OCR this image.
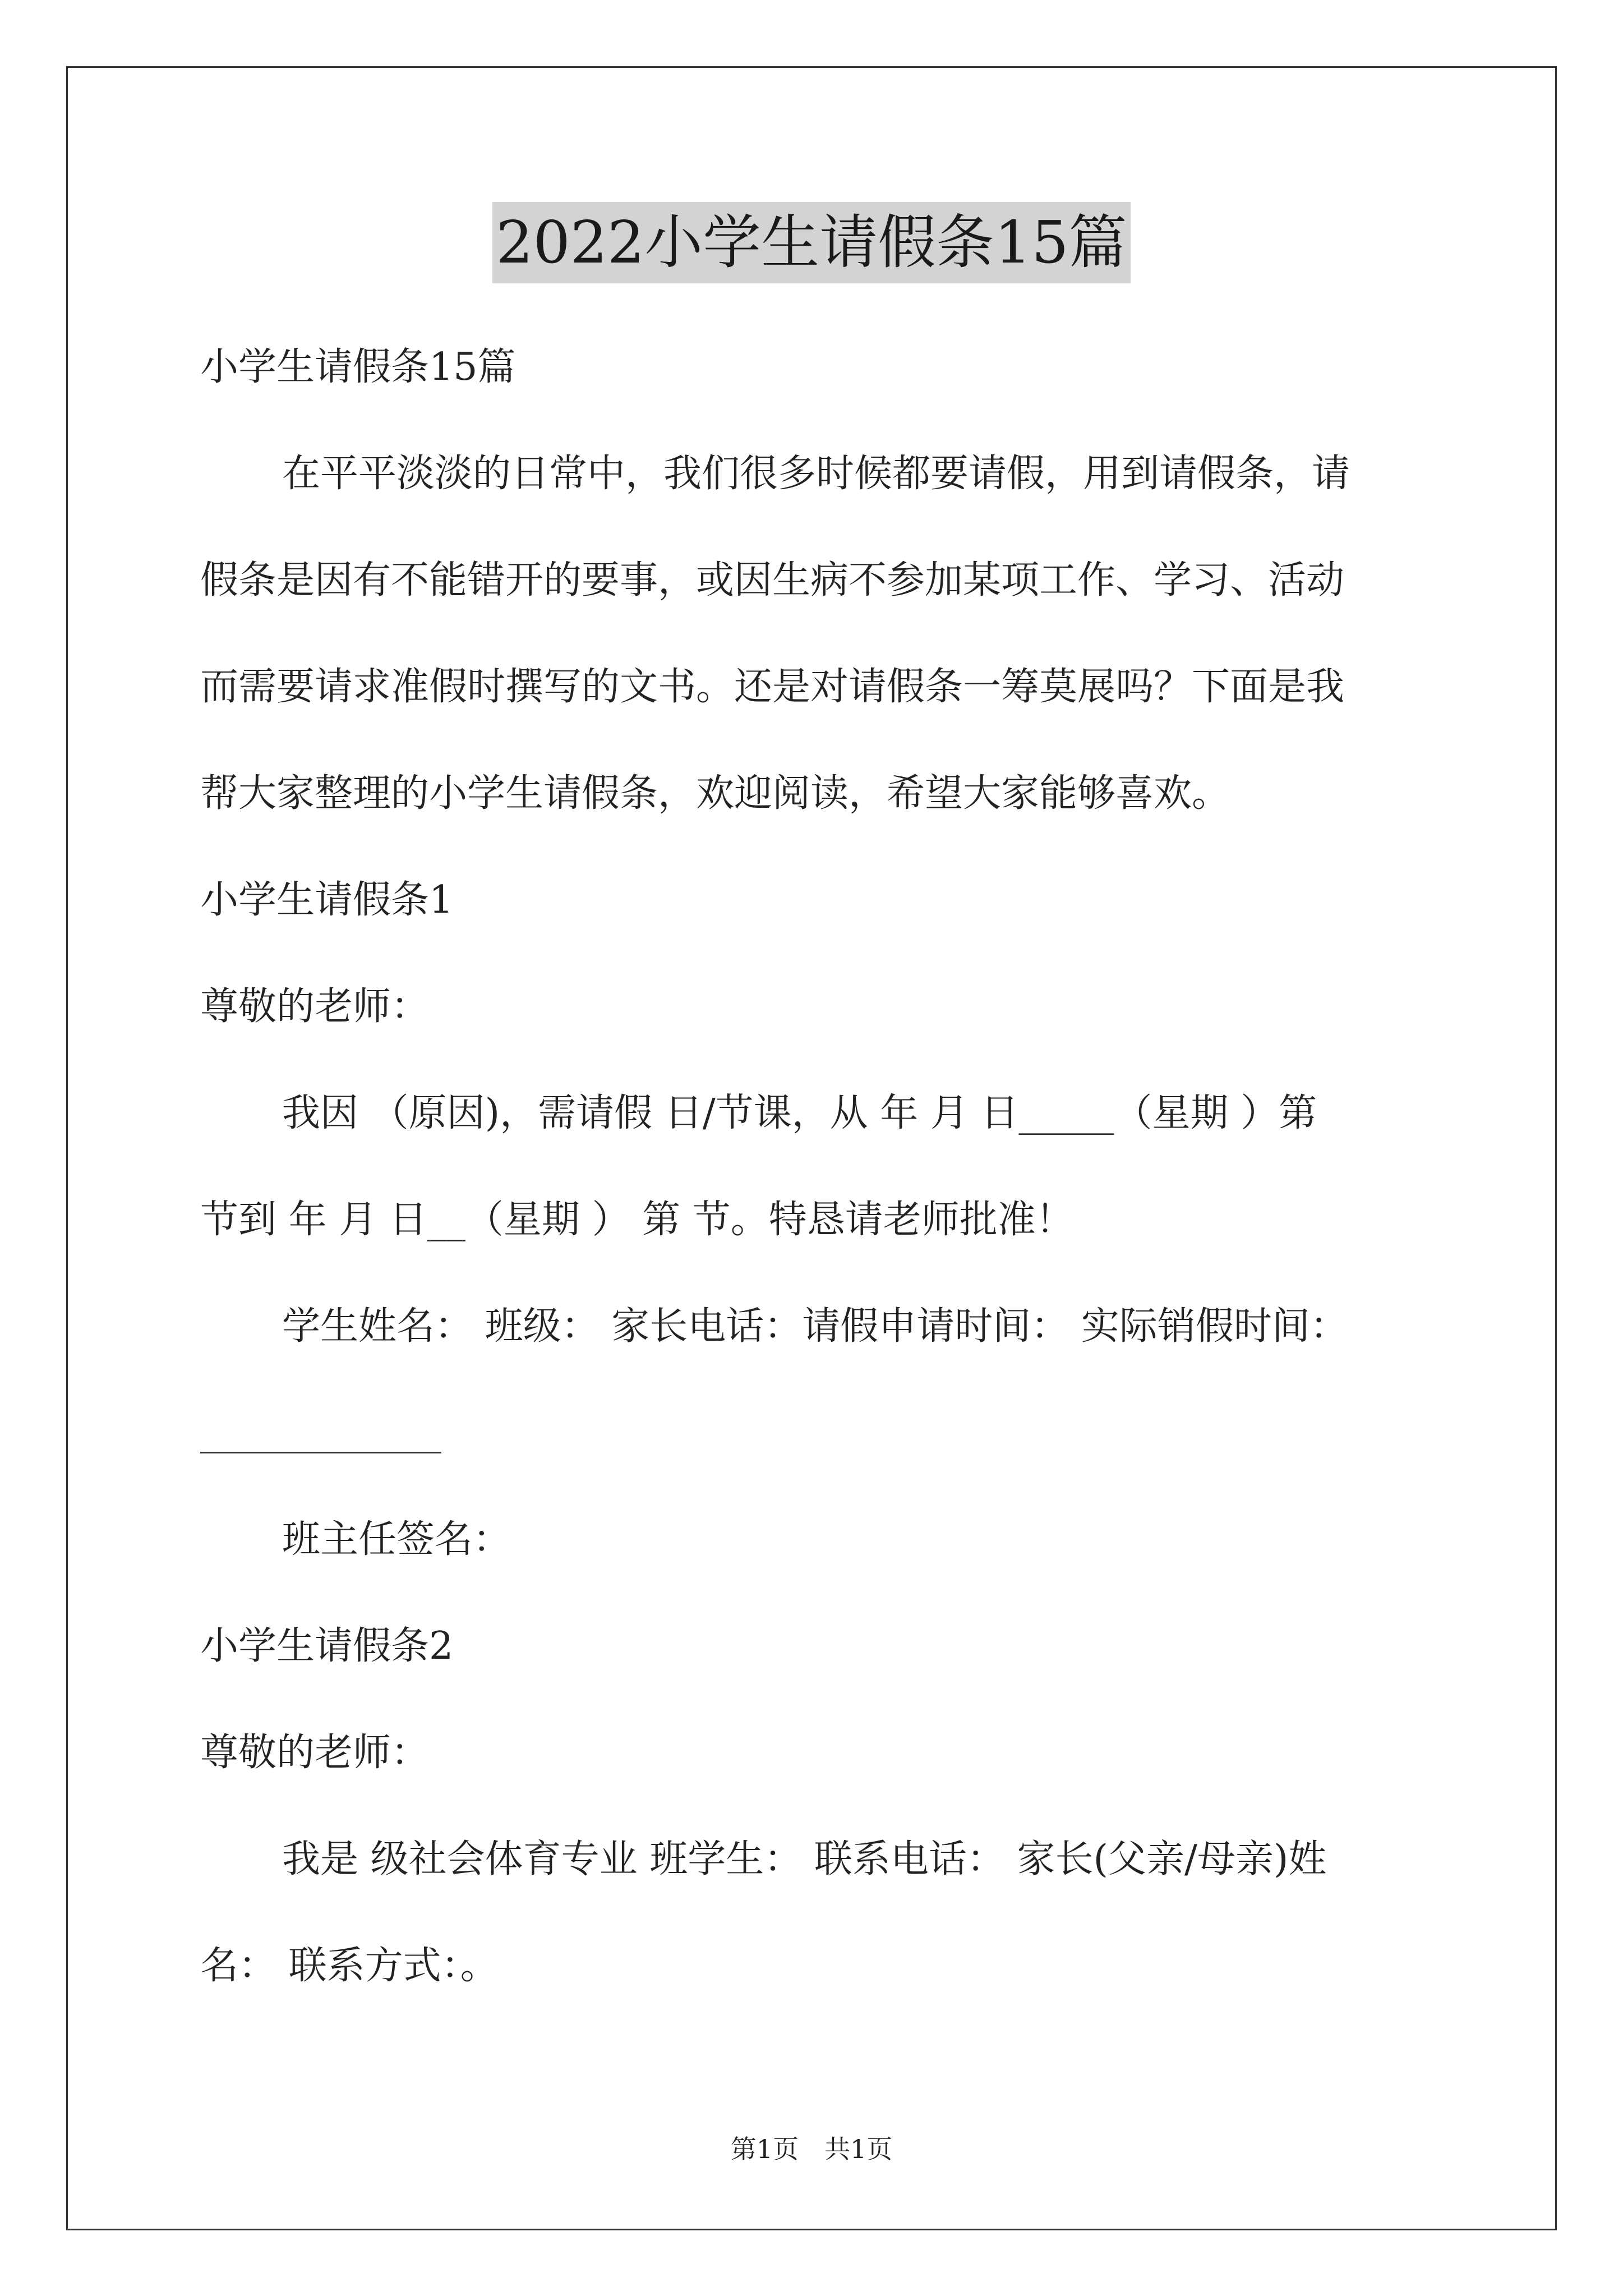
2022小学生请假条15篇

小学生请假条15篇

在平平淡淡的日常中，我们很多时候都要请假，用到请假条，请

假条是因有不能错开的要事，或因生病不参加某项工作、学习、活动

而需要请求准假时撰写的文书。还是对请假条一筹莫展吗？下面是我

帮大家整理的小学生请假条，欢迎阅读，希望大家能够喜欢。

小学生请假条1

尊敬的老师：

我因 （原因)，需请假 日/节课，从 年 月 日_____（星期 ）第

节到 年 月 日__（星期 ） 第 节。特恳请老师批准！

学生姓名： 班级： 家长电话：请假申请时间： 实际销假时间：

班主任签名：

小学生请假条2

尊敬的老师：

我是 级社会体育专业 班学生： 联系电话： 家长(父亲/母亲)姓

名： 联系方式：。

第1页　共1页
